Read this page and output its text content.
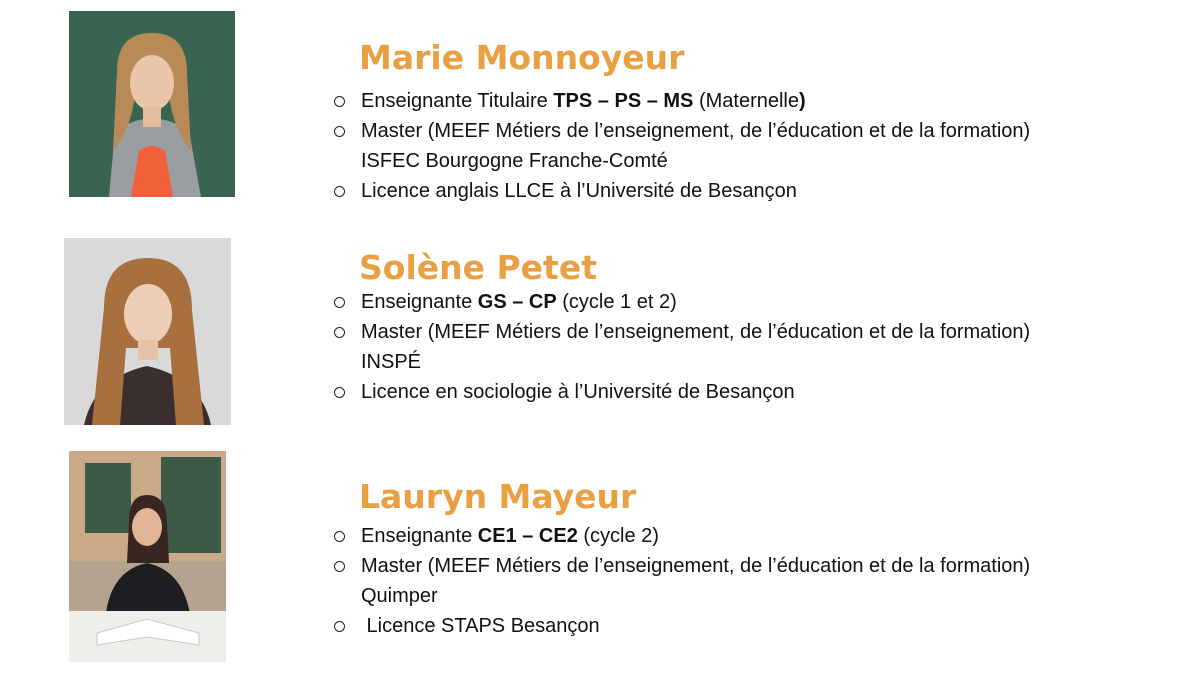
Marie Monnoyeur
Enseignante Titulaire TPS – PS – MS (Maternelle)
Master (MEEF Métiers de l’enseignement, de l’éducation et de la formation)
ISFEC Bourgogne Franche-Comté
Licence anglais LLCE à l’Université de Besançon
Solène Petet
Enseignante GS – CP (cycle 1 et 2)
Master (MEEF Métiers de l’enseignement, de l’éducation et de la formation)
INSPÉ
Licence en sociologie à l’Université de Besançon
Lauryn Mayeur
Enseignante CE1 – CE2 (cycle 2)
Master (MEEF Métiers de l’enseignement, de l’éducation et de la formation)
Quimper
Licence STAPS Besançon
